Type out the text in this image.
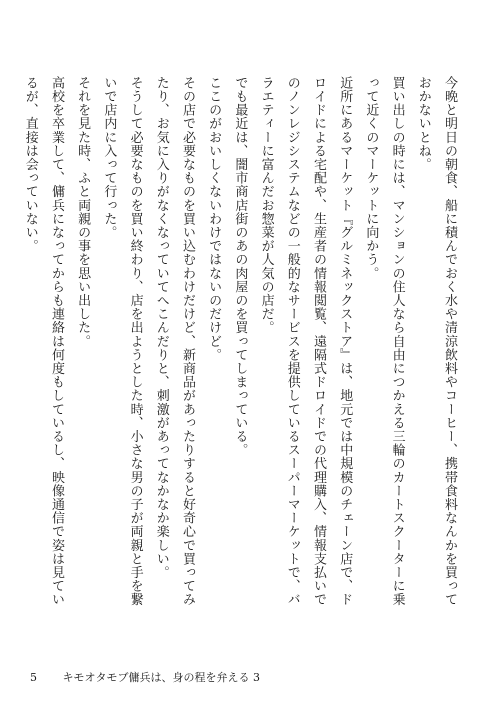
今晩と明日の朝食、船に積んでおく水や清涼飲料やコーヒー、携帯食料なんかを買っておかないとね。

買い出しの時には、マンションの住人なら自由につかえる三輪のカートスクーターに乗って近くのマーケットに向かう。

近所にあるマーケット『グルミネックストア』は、地元では中規模のチェーン店で、ドロイドによる宅配や、生産者の情報閲覧、遠隔式ドロイドでの代理購入、情報支払いでのノンレジシステムなどの一般的なサービスを提供しているスーパーマーケットで、バラエティーに富んだお惣菜が人気の店だ。

でも最近は、闇市商店街のあの肉屋のを買ってしまっている。

ここのがおいしくないわけではないのだけど。

その店で必要なものを買い込むわけだけど、新商品があったりすると好奇心で買ってみたり、お気に入りがなくなっていてへこんだりと、刺激があってなかなか楽しい。

そうして必要なものを買い終わり、店を出ようとした時、小さな男の子が両親と手を繋いで店内に入って行った。

それを見た時、ふと両親の事を思い出した。

高校を卒業して、傭兵になってからも連絡は何度もしているし、映像通信で姿は見ているが、直接は会っていない。

5 キモオタモブ傭兵は、身の程を弁える 3
